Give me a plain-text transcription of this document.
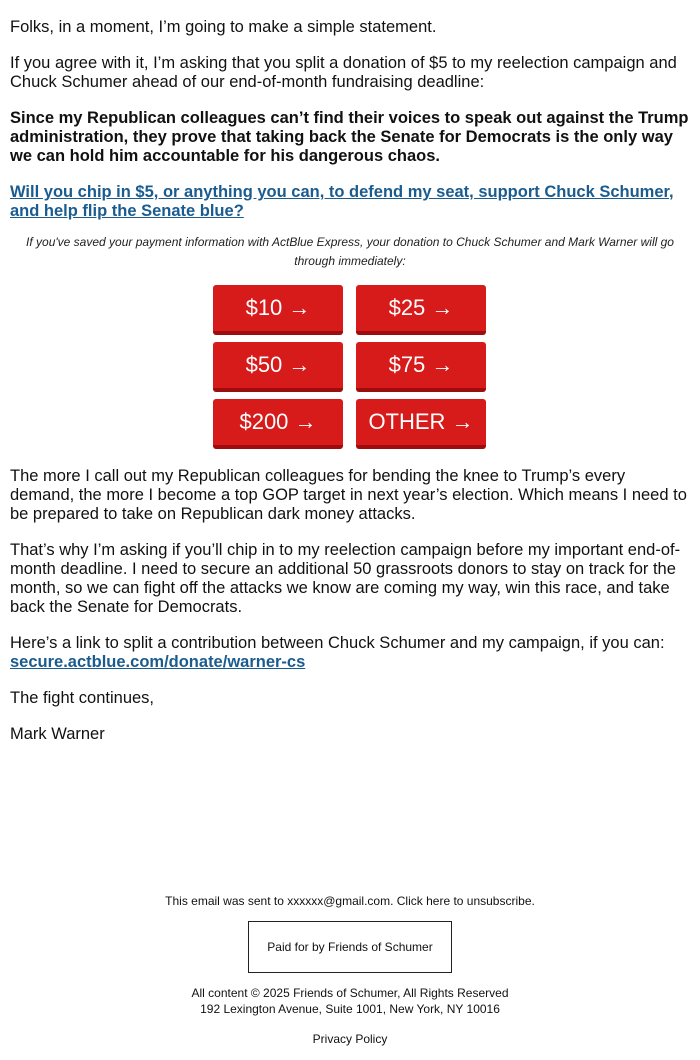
Folks, in a moment, I’m going to make a simple statement.

If you agree with it, I’m asking that you split a donation of $5 to my reelection campaign and Chuck Schumer ahead of our end-of-month fundraising deadline:

Since my Republican colleagues can’t find their voices to speak out against the Trump administration, they prove that taking back the Senate for Democrats is the only way we can hold him accountable for his dangerous chaos.

Will you chip in $5, or anything you can, to defend my seat, support Chuck Schumer, and help flip the Senate blue?

If you've saved your payment information with ActBlue Express, your donation to Chuck Schumer and Mark Warner will go through immediately:

$10 →	$25 →
$50 →	$75 →
$200 →	OTHER →

The more I call out my Republican colleagues for bending the knee to Trump’s every demand, the more I become a top GOP target in next year’s election. Which means I need to be prepared to take on Republican dark money attacks.

That’s why I’m asking if you’ll chip in to my reelection campaign before my important end-of-month deadline. I need to secure an additional 50 grassroots donors to stay on track for the month, so we can fight off the attacks we know are coming my way, win this race, and take back the Senate for Democrats.

Here’s a link to split a contribution between Chuck Schumer and my campaign, if you can: secure.actblue.com/donate/warner-cs

The fight continues,

Mark Warner

This email was sent to xxxxxx@gmail.com. Click here to unsubscribe.

Paid for by Friends of Schumer

All content © 2025 Friends of Schumer, All Rights Reserved

192 Lexington Avenue, Suite 1001, New York, NY 10016

Privacy Policy
